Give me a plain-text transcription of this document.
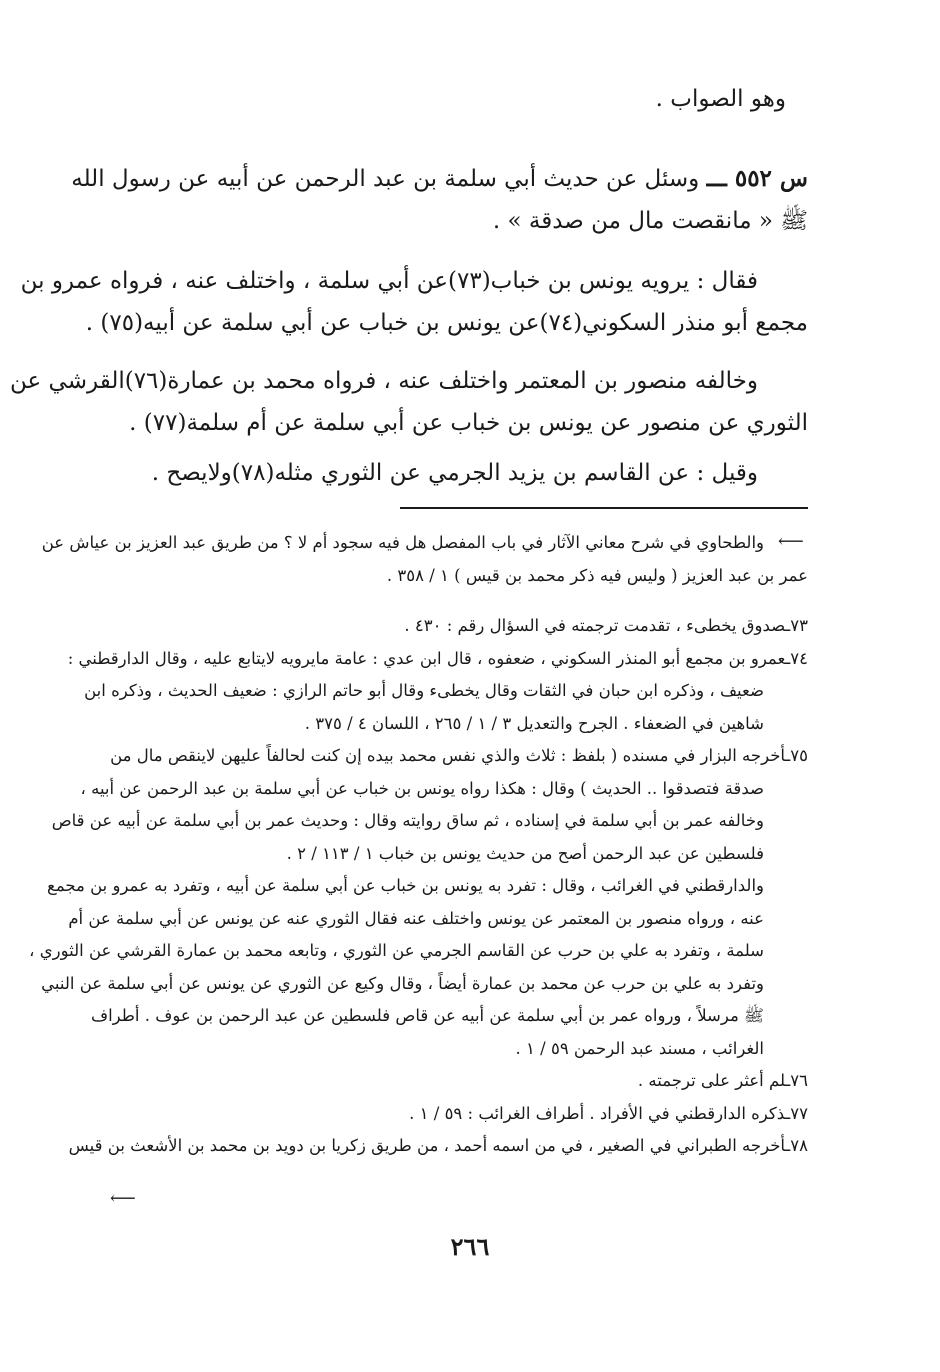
وهو الصواب .
س ٥٥٢ ـــ وسئل عن حديث أبي سلمة بن عبد الرحمن عن أبيه عن رسول الله
ﷺ « مانقصت مال من صدقة » .
فقال : يرويه يونس بن خباب(٧٣)عن أبي سلمة ، واختلف عنه ، فرواه عمرو بن
مجمع أبو منذر السكوني(٧٤)عن يونس بن خباب عن أبي سلمة عن أبيه(٧٥) .
وخالفه منصور بن المعتمر واختلف عنه ، فرواه محمد بن عمارة(٧٦)القرشي عن
الثوري عن منصور عن يونس بن خباب عن أبي سلمة عن أم سلمة(٧٧) .
وقيل : عن القاسم بن يزيد الجرمي عن الثوري مثله(٧٨)ولايصح .
⟵
والطحاوي في شرح معاني الآثار في باب المفصل هل فيه سجود أم لا ؟ من طريق عبد العزيز بن عياش عن
عمر بن عبد العزيز ( وليس فيه ذكر محمد بن قيس ) ١ / ٣٥٨ .
٧٣ـصدوق يخطىء ، تقدمت ترجمته في السؤال رقم : ٤٣٠ .
٧٤ـعمرو بن مجمع أبو المنذر السكوني ، ضعفوه ، قال ابن عدي : عامة مايرويه لايتابع عليه ، وقال الدارقطني :
ضعيف ، وذكره ابن حبان في الثقات وقال يخطىء وقال أبو حاتم الرازي : ضعيف الحديث ، وذكره ابن
شاهين في الضعفاء . الجرح والتعديل ٣ / ١ / ٢٦٥ ، اللسان ٤ / ٣٧٥ .
٧٥ـأخرجه البزار في مسنده ( بلفظ : ثلاث والذي نفس محمد بيده إن كنت لحالفاً عليهن لاينقص مال من
صدقة فتصدقوا .. الحديث ) وقال : هكذا رواه يونس بن خباب عن أبي سلمة بن عبد الرحمن عن أبيه ،
وخالفه عمر بن أبي سلمة في إسناده ، ثم ساق روايته وقال : وحديث عمر بن أبي سلمة عن أبيه عن قاص
فلسطين عن عبد الرحمن أصح من حديث يونس بن خباب ١ / ١١٣ / ٢ .
والدارقطني في الغرائب ، وقال : تفرد به يونس بن خباب عن أبي سلمة عن أبيه ، وتفرد به عمرو بن مجمع
عنه ، ورواه منصور بن المعتمر عن يونس واختلف عنه فقال الثوري عنه عن يونس عن أبي سلمة عن أم
سلمة ، وتفرد به علي بن حرب عن القاسم الجرمي عن الثوري ، وتابعه محمد بن عمارة القرشي عن الثوري ،
وتفرد به علي بن حرب عن محمد بن عمارة أيضاً ، وقال وكيع عن الثوري عن يونس عن أبي سلمة عن النبي
ﷺ مرسلاً ، ورواه عمر بن أبي سلمة عن أبيه عن قاص فلسطين عن عبد الرحمن بن عوف . أطراف
الغرائب ، مسند عبد الرحمن ٥٩ / ١ .
٧٦ـلم أعثر على ترجمته .
٧٧ـذكره الدارقطني في الأفراد . أطراف الغرائب : ٥٩ / ١ .
٧٨ـأخرجه الطبراني في الصغير ، في من اسمه أحمد ، من طريق زكريا بن دويد بن محمد بن الأشعث بن قيس
⟵
٢٦٦
